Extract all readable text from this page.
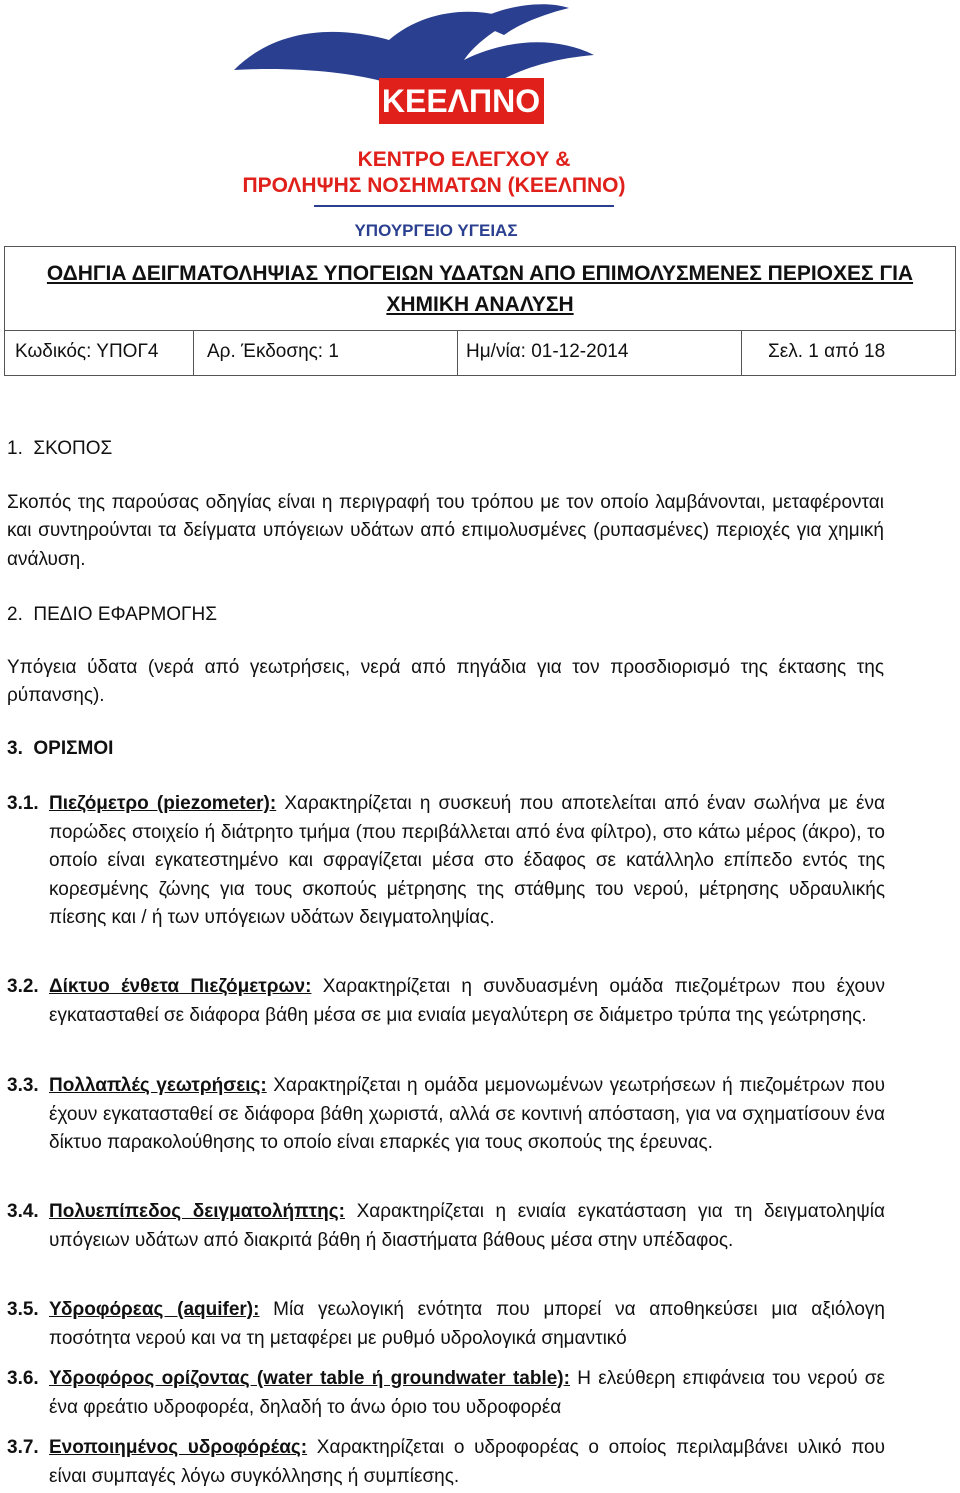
ΚΕΕΛΠΝΟ
ΚΕΝΤΡΟ ΕΛΕΓΧΟΥ &
ΠΡΟΛΗΨΗΣ ΝΟΣΗΜΑΤΩΝ (ΚΕΕΛΠΝΟ)
ΥΠΟΥΡΓΕΙΟ ΥΓΕΙΑΣ
ΟΔΗΓΙΑ ΔΕΙΓΜΑΤΟΛΗΨΙΑΣ ΥΠΟΓΕΙΩΝ ΥΔΑΤΩΝ ΑΠΟ ΕΠΙΜΟΛΥΣΜΕΝΕΣ ΠΕΡΙΟΧΕΣ ΓΙΑ
ΧΗΜΙΚΗ ΑΝΑΛΥΣΗ
Κωδικός: ΥΠΟΓ4	Αρ. Έκδοσης: 1	Ημ/νία: 01-12-2014	Σελ. 1 από 18
1.  ΣΚΟΠΟΣ
Σκοπός της παρούσας οδηγίας είναι η περιγραφή του τρόπου με τον οποίο λαμβάνονται, μεταφέρονται και συντηρούνται τα δείγματα υπόγειων υδάτων από επιμολυσμένες (ρυπασμένες) περιοχές για χημική ανάλυση.
2.  ΠΕΔΙΟ ΕΦΑΡΜΟΓΗΣ
Υπόγεια ύδατα (νερά από γεωτρήσεις, νερά από πηγάδια για τον προσδιορισμό της έκτασης της ρύπανσης).
3.  ΟΡΙΣΜΟΙ
3.1. Πιεζόμετρο (piezometer): Χαρακτηρίζεται η συσκευή που αποτελείται από έναν σωλήνα με ένα πορώδες στοιχείο ή διάτρητο τμήμα (που περιβάλλεται από ένα φίλτρο), στο κάτω μέρος (άκρο), το οποίο είναι εγκατεστημένο και σφραγίζεται μέσα στο έδαφος σε κατάλληλο επίπεδο εντός της κορεσμένης ζώνης για τους σκοπούς μέτρησης της στάθμης του νερού, μέτρησης υδραυλικής πίεσης και / ή των υπόγειων υδάτων δειγματοληψίας.
3.2. Δίκτυο ένθετα Πιεζόμετρων: Χαρακτηρίζεται η συνδυασμένη ομάδα πιεζομέτρων που έχουν εγκατασταθεί σε διάφορα βάθη μέσα σε μια ενιαία μεγαλύτερη σε διάμετρο τρύπα της γεώτρησης.
3.3. Πολλαπλές γεωτρήσεις: Χαρακτηρίζεται η ομάδα μεμονωμένων γεωτρήσεων ή πιεζομέτρων που έχουν εγκατασταθεί σε διάφορα βάθη χωριστά, αλλά σε κοντινή απόσταση, για να σχηματίσουν ένα δίκτυο παρακολούθησης το οποίο είναι επαρκές για τους σκοπούς της έρευνας.
3.4. Πολυεπίπεδος δειγματολήπτης: Χαρακτηρίζεται η ενιαία εγκατάσταση για τη δειγματοληψία υπόγειων υδάτων από διακριτά βάθη ή διαστήματα βάθους μέσα στην υπέδαφος.
3.5. Υδροφόρεας (aquifer): Μία γεωλογική ενότητα που μπορεί να αποθηκεύσει μια αξιόλογη ποσότητα νερού και να τη μεταφέρει με ρυθμό υδρολογικά σημαντικό
3.6. Υδροφόρος ορίζοντας (water table ή groundwater table): Η ελεύθερη επιφάνεια του νερού σε ένα φρεάτιο υδροφορέα, δηλαδή το άνω όριο του υδροφορέα
3.7. Ενοποιημένος υδροφόρέας: Χαρακτηρίζεται ο υδροφορέας ο οποίος περιλαμβάνει υλικό που είναι συμπαγές λόγω συγκόλλησης ή συμπίεσης.
